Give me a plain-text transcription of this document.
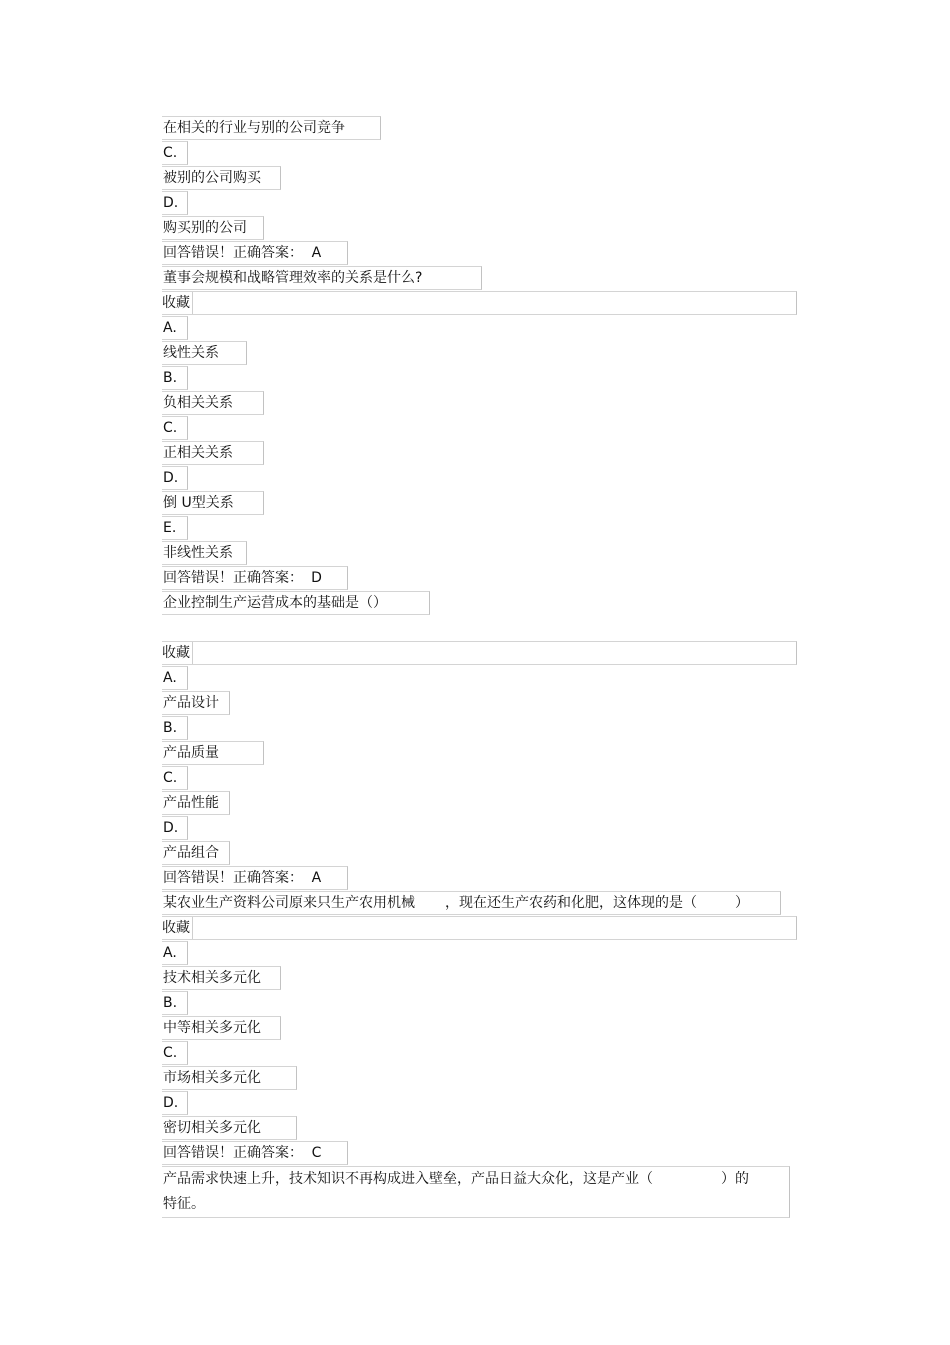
在相关的行业与别的公司竞争
C.
被别的公司购买
D.
购买别的公司
回答错误！正确答案： A
董事会规模和战略管理效率的关系是什么?
收藏
A.
线性关系
B.
负相关关系
C.
正相关关系
D.
倒 U型关系
E.
非线性关系
回答错误！正确答案： D
企业控制生产运营成本的基础是（）
收藏
A.
产品设计
B.
产品质量
C.
产品性能
D.
产品组合
回答错误！正确答案： A
某农业生产资料公司原来只生产农用机械 ，现在还生产农药和化肥，这体现的是（	）
收藏
A.
技术相关多元化
B.
中等相关多元化
C.
市场相关多元化
D.
密切相关多元化
回答错误！正确答案： C
产品需求快速上升，技术知识不再构成进入壁垒，产品日益大众化，这是产业（	）的
特征。
